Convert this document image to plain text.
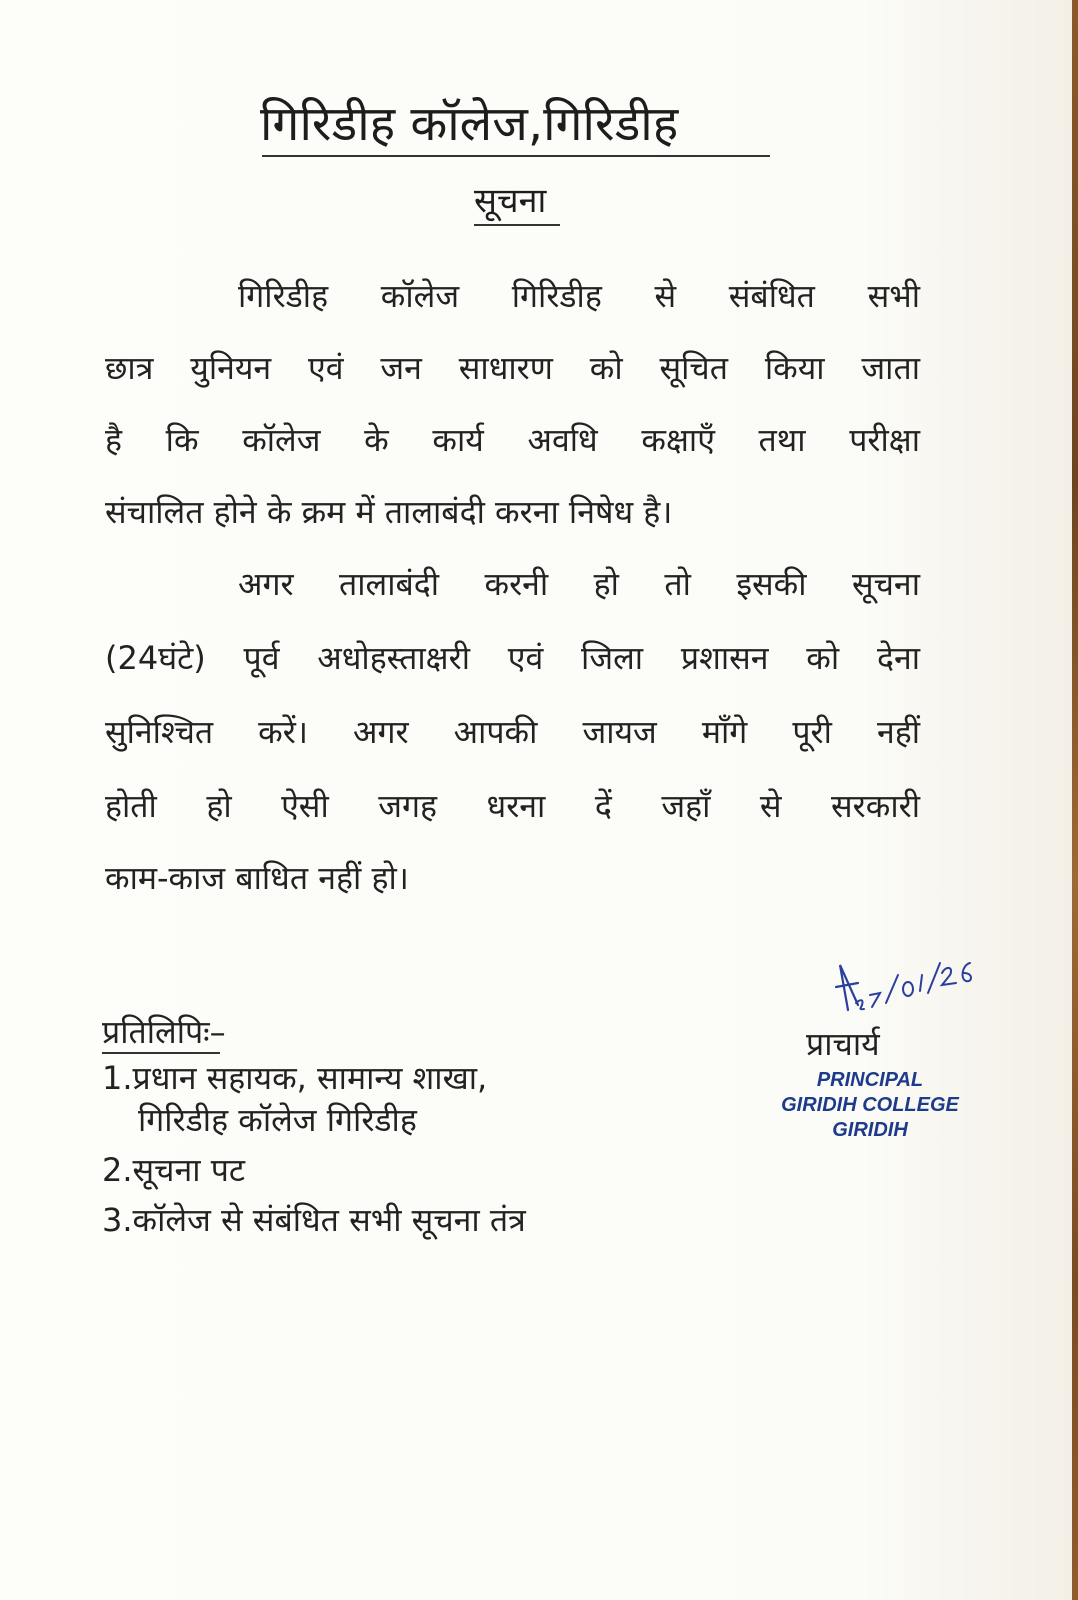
गिरिडीह कॉलेज,गिरिडीह
सूचना
गिरिडीह कॉलेज गिरिडीह से संबंधित सभी
छात्र युनियन एवं जन साधारण को सूचित किया जाता
है कि कॉलेज के कार्य अवधि कक्षाएँ तथा परीक्षा
संचालित होने के क्रम में तालाबंदी करना निषेध है।
अगर तालाबंदी करनी हो तो इसकी सूचना
(24घंटे) पूर्व अधोहस्ताक्षरी एवं जिला प्रशासन को देना
सुनिश्चित करें। अगर आपकी जायज माँगे पूरी नहीं
होती हो ऐसी जगह धरना दें जहाँ से सरकारी
काम-काज बाधित नहीं हो।
प्राचार्य
PRINCIPAL
GIRIDIH COLLEGE
GIRIDIH
प्रतिलिपिः–
1.प्रधान सहायक, सामान्य शाखा,
गिरिडीह कॉलेज गिरिडीह
2.सूचना पट
3.कॉलेज से संबंधित सभी सूचना तंत्र
